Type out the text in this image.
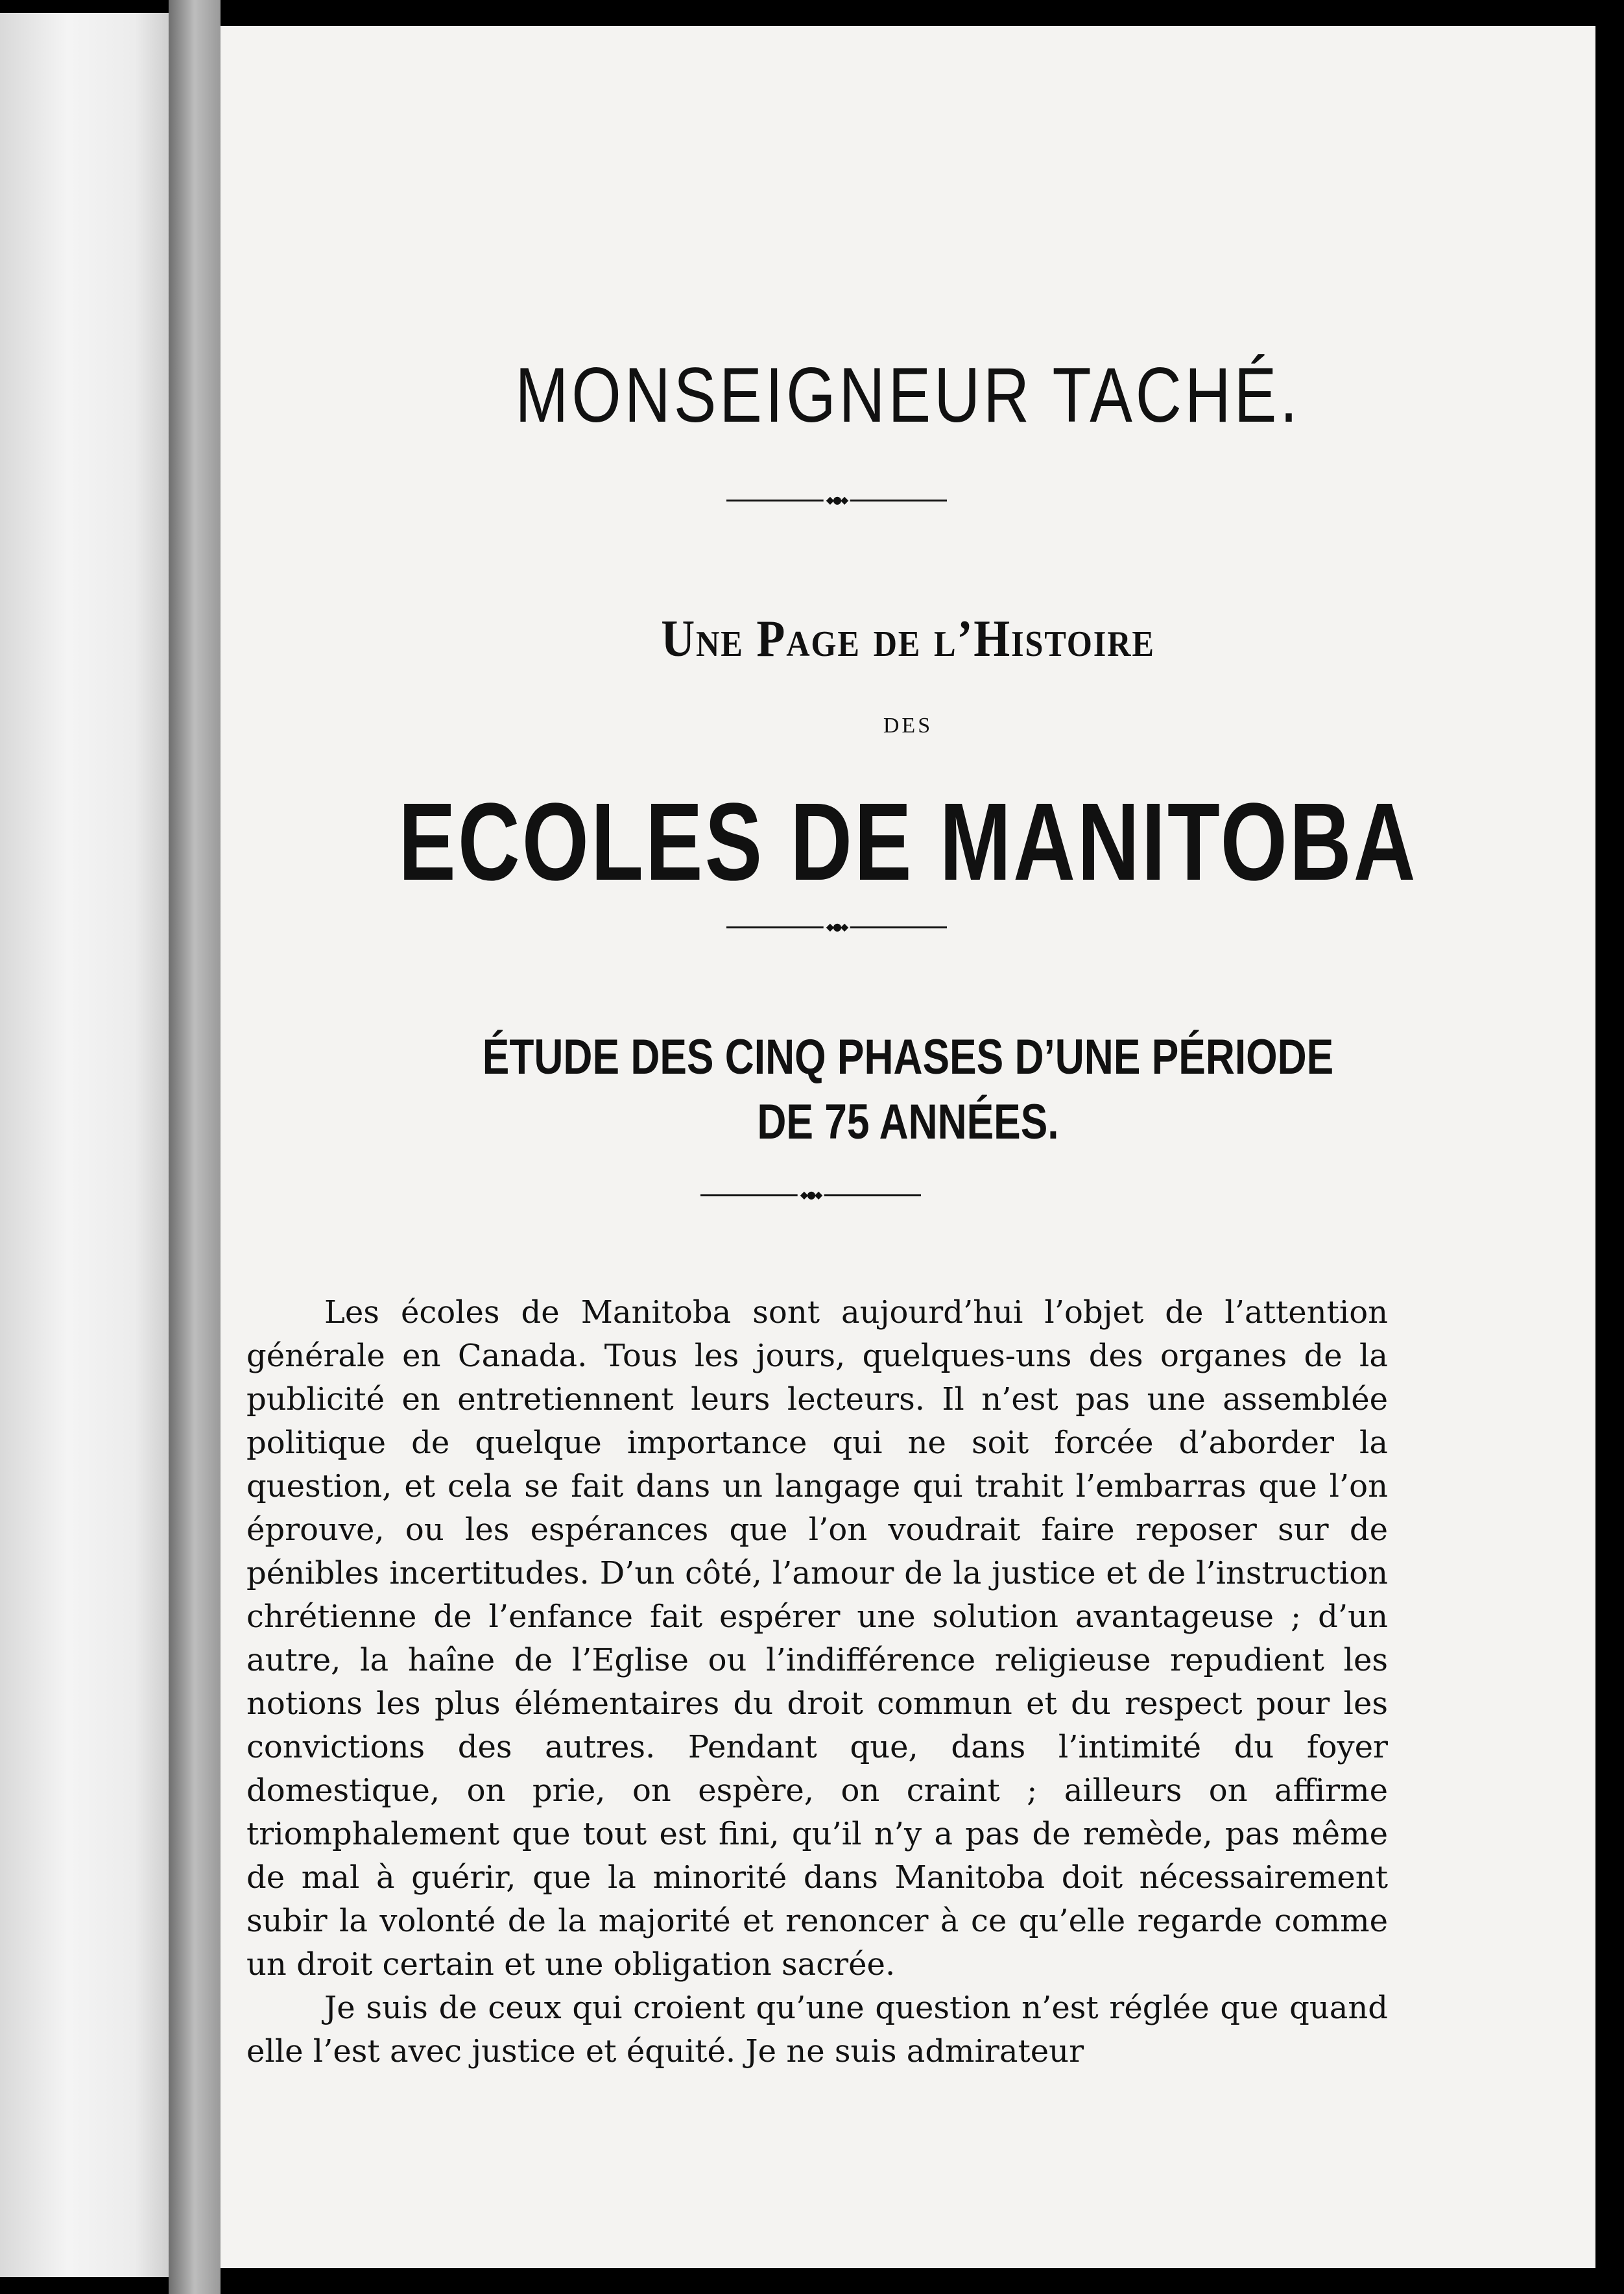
MONSEIGNEUR TACHÉ.
◆●◆
Une Page de l’Histoire
DES
ECOLES DE MANITOBA
◆●◆
ÉTUDE DES CINQ PHASES D’UNE PÉRIODE
DE 75 ANNÉES.
◆●◆

Les écoles de Manitoba sont aujourd’hui l’objet de l’attention générale en Canada. Tous les jours, quelques-uns des organes de la publicité en entretiennent leurs lecteurs. Il n’est pas une assemblée politique de quelque importance qui ne soit forcée d’aborder la question, et cela se fait dans un langage qui trahit l’embarras que l’on éprouve, ou les espérances que l’on voudrait faire reposer sur de pénibles incertitudes. D’un côté, l’amour de la justice et de l’instruction chrétienne de l’enfance fait espérer une solution avantageuse ; d’un autre, la haîne de l’Eglise ou l’indifférence religieuse repudient les notions les plus élémentaires du droit commun et du respect pour les convictions des autres. Pendant que, dans l’intimité du foyer domestique, on prie, on espère, on craint ; ailleurs on affirme triomphalement que tout est fini, qu’il n’y a pas de remède, pas même de mal à guérir, que la minorité dans Manitoba doit nécessairement subir la volonté de la majorité et renoncer à ce qu’elle regarde comme un droit certain et une obligation sacrée.

Je suis de ceux qui croient qu’une question n’est réglée que quand elle l’est avec justice et équité. Je ne suis admirateur
